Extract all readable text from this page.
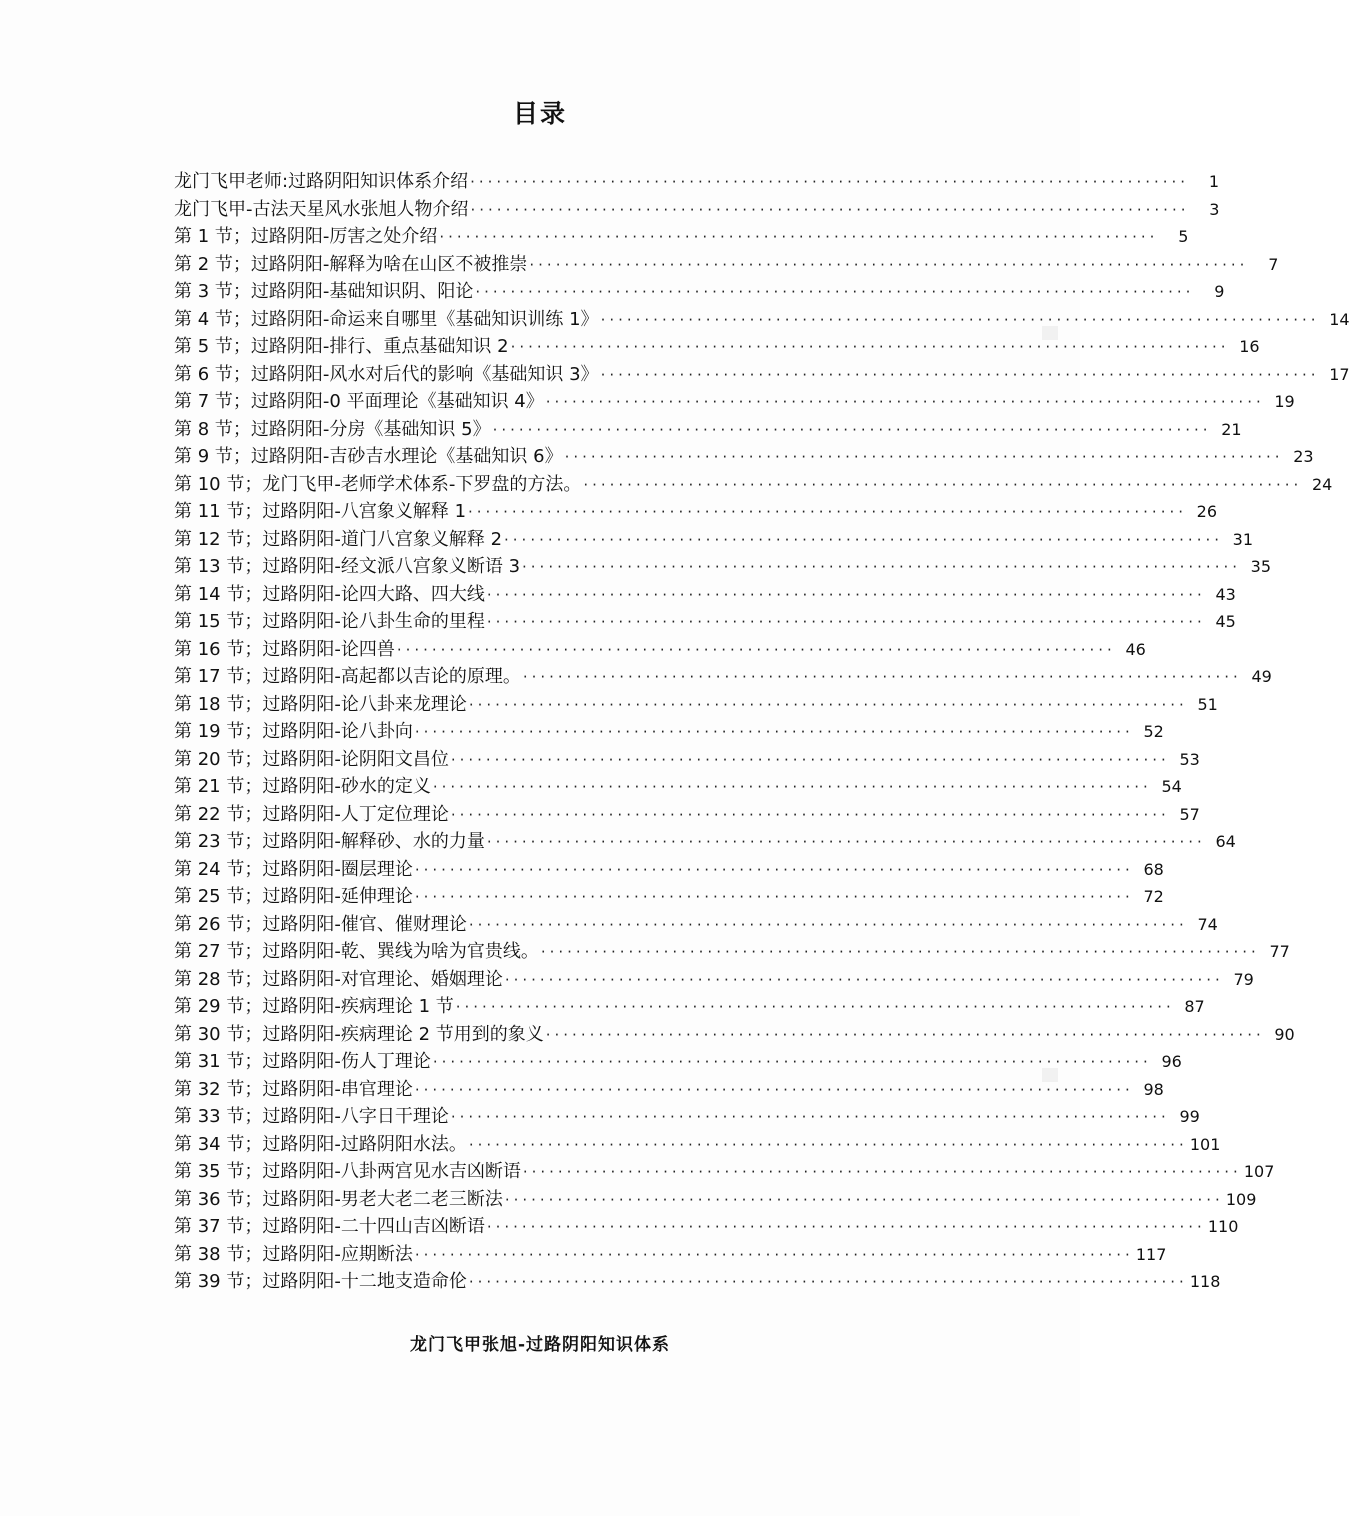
目录
龙门飞甲老师:过路阴阳知识体系介绍 ·····	1
龙门飞甲-古法天星风水张旭人物介绍 ·····	3
第 1 节；过路阴阳-厉害之处介绍 ·····	5
第 2 节；过路阴阳-解释为啥在山区不被推崇 ·····	7
第 3 节；过路阴阳-基础知识阴、阳论 ·····	9
第 4 节；过路阴阳-命运来自哪里《基础知识训练 1》 ·····	14
第 5 节；过路阴阳-排行、重点基础知识 2 ·····	16
第 6 节；过路阴阳-风水对后代的影响《基础知识 3》 ·····	17
第 7 节；过路阴阳-0 平面理论《基础知识 4》 ·····	19
第 8 节；过路阴阳-分房《基础知识 5》 ·····	21
第 9 节；过路阴阳-吉砂吉水理论《基础知识 6》 ·····	23
第 10 节；龙门飞甲-老师学术体系-下罗盘的方法。 ·····	24
第 11 节；过路阴阳-八宫象义解释 1 ·····	26
第 12 节；过路阴阳-道门八宫象义解释 2 ·····	31
第 13 节；过路阴阳-经文派八宫象义断语 3 ·····	35
第 14 节；过路阴阳-论四大路、四大线 ·····	43
第 15 节；过路阴阳-论八卦生命的里程 ·····	45
第 16 节；过路阴阳-论四兽 ·····	46
第 17 节；过路阴阳-高起都以吉论的原理。 ·····	49
第 18 节；过路阴阳-论八卦来龙理论 ·····	51
第 19 节；过路阴阳-论八卦向 ·····	52
第 20 节；过路阴阳-论阴阳文昌位 ·····	53
第 21 节；过路阴阳-砂水的定义 ·····	54
第 22 节；过路阴阳-人丁定位理论 ·····	57
第 23 节；过路阴阳-解释砂、水的力量 ·····	64
第 24 节；过路阴阳-圈层理论 ·····	68
第 25 节；过路阴阳-延伸理论 ·····	72
第 26 节；过路阴阳-催官、催财理论 ·····	74
第 27 节；过路阴阳-乾、巽线为啥为官贵线。 ·····	77
第 28 节；过路阴阳-对官理论、婚姻理论 ·····	79
第 29 节；过路阴阳-疾病理论 1 节 ·····	87
第 30 节；过路阴阳-疾病理论 2 节用到的象义 ·····	90
第 31 节；过路阴阳-伤人丁理论 ·····	96
第 32 节；过路阴阳-串官理论 ·····	98
第 33 节；过路阴阳-八字日干理论 ·····	99
第 34 节；过路阴阳-过路阴阳水法。 ·····	101
第 35 节；过路阴阳-八卦两宫见水吉凶断语 ·····	107
第 36 节；过路阴阳-男老大老二老三断法 ·····	109
第 37 节；过路阴阳-二十四山吉凶断语 ·····	110
第 38 节；过路阴阳-应期断法 ·····	117
第 39 节；过路阴阳-十二地支造命伦 ·····	118
龙门飞甲张旭-过路阴阳知识体系
